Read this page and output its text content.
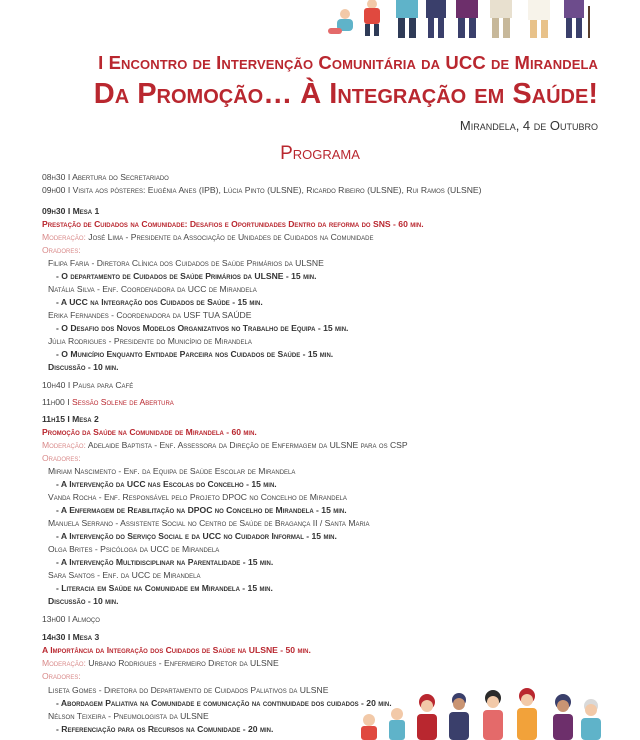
I Encontro de Intervenção Comunitária da UCC de Mirandela
Da Promoção… À Integração em Saúde!
Mirandela, 4 de Outubro
Programa
08h30 I Abertura do Secretariado
09h00 I Visita aos pósteres: Eugénia Anes (IPB), Lúcia Pinto (ULSNE), Ricardo Ribeiro (ULSNE), Rui Ramos (ULSNE)
09h30 I Mesa 1
Prestação de Cuidados na Comunidade: Desafios e Oportunidades Dentro da reforma do SNS - 60 min.
Moderação: José Lima - Presidente da Associação de Unidades de Cuidados na Comunidade
Oradores:
Filipa Faria - Diretora Clínica dos Cuidados de Saúde Primários da ULSNE
- O departamento de Cuidados de Saúde Primários da ULSNE - 15 min.
Natália Silva - Enf. Coordenadora da UCC de Mirandela
- A UCC na Integração dos Cuidados de Saúde - 15 min.
Erika Fernandes - Coordenadora da USF TUA SAÚDE
- O Desafio dos Novos Modelos Organizativos no Trabalho de Equipa - 15 min.
Júlia Rodrigues - Presidente do Município de Mirandela
- O Município Enquanto Entidade Parceira nos Cuidados de Saúde - 15 min.
Discussão - 10 min.
10h40 I Pausa para Café
11h00 I Sessão Solene de Abertura
11h15 I Mesa 2
Promoção da Saúde na Comunidade de Mirandela - 60 min.
Moderação: Adelaide Baptista - Enf. Assessora da Direção de Enfermagem da ULSNE para os CSP
Oradores:
Miriam Nascimento - Enf. da Equipa de Saúde Escolar de Mirandela
- A Intervenção da UCC nas Escolas do Concelho - 15 min.
Vanda Rocha - Enf. Responsável pelo Projeto DPOC no Concelho de Mirandela
- A Enfermagem de Reabilitação na DPOC no Concelho de Mirandela - 15 min.
Manuela Serrano - Assistente Social no Centro de Saúde de Bragança II / Santa Maria
- A Intervenção do Serviço Social e da UCC no Cuidador Informal - 15 min.
Olga Brites - Psicóloga da UCC de Mirandela
- A Intervenção Multidisciplinar na Parentalidade - 15 min.
Sara Santos - Enf. da UCC de Mirandela
- Literacia em Saúde na Comunidade em Mirandela - 15 min.
Discussão - 10 min.
13h00 I Almoço
14h30 I Mesa 3
A Importância da Integração dos Cuidados de Saúde na ULSNE - 50 min.
Moderação: Urbano Rodrigues - Enfermeiro Diretor da ULSNE
Oradores:
Liseta Gomes - Diretora do Departamento de Cuidados Paliativos da ULSNE
- Abordagem Paliativa na Comunidade e comunicação na continuidade dos cuidados - 20 min.
Nélson Teixeira - Pneumologista da ULSNE
- Referenciação para os Recursos na Comunidade - 20 min.
